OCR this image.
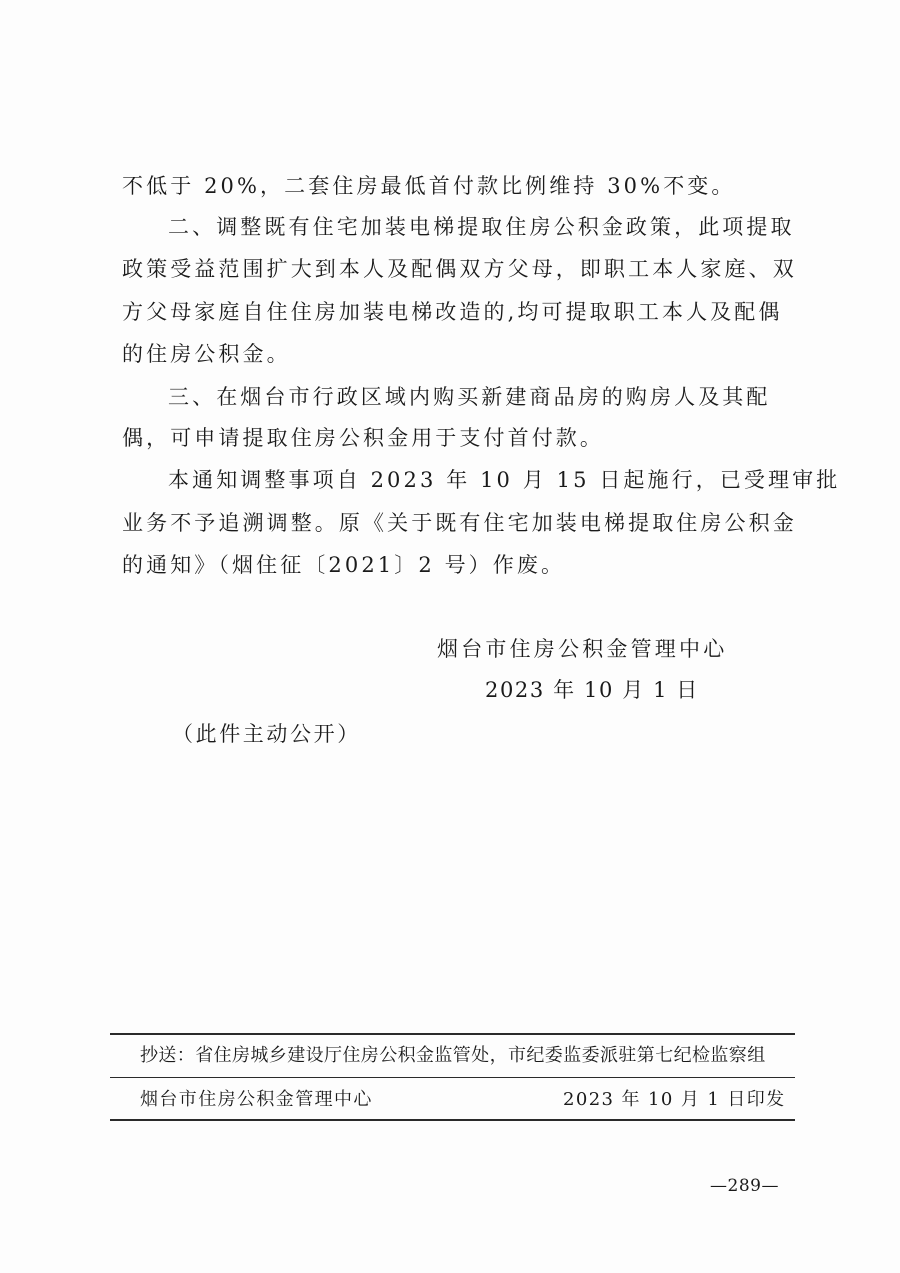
不低于 20%，二套住房最低首付款比例维持 30%不变。
二、调整既有住宅加装电梯提取住房公积金政策，此项提取
政策受益范围扩大到本人及配偶双方父母，即职工本人家庭、双
方父母家庭自住住房加装电梯改造的,均可提取职工本人及配偶
的住房公积金。
三、在烟台市行政区域内购买新建商品房的购房人及其配
偶，可申请提取住房公积金用于支付首付款。
本通知调整事项自 2023 年 10 月 15 日起施行，已受理审批
业务不予追溯调整。原《关于既有住宅加装电梯提取住房公积金
的通知》（烟住征〔2021〕2 号）作废。
烟台市住房公积金管理中心
2023 年 10 月 1 日
（此件主动公开）
抄送：省住房城乡建设厅住房公积金监管处，市纪委监委派驻第七纪检监察组
烟台市住房公积金管理中心	2023 年 10 月 1 日印发
—289—
